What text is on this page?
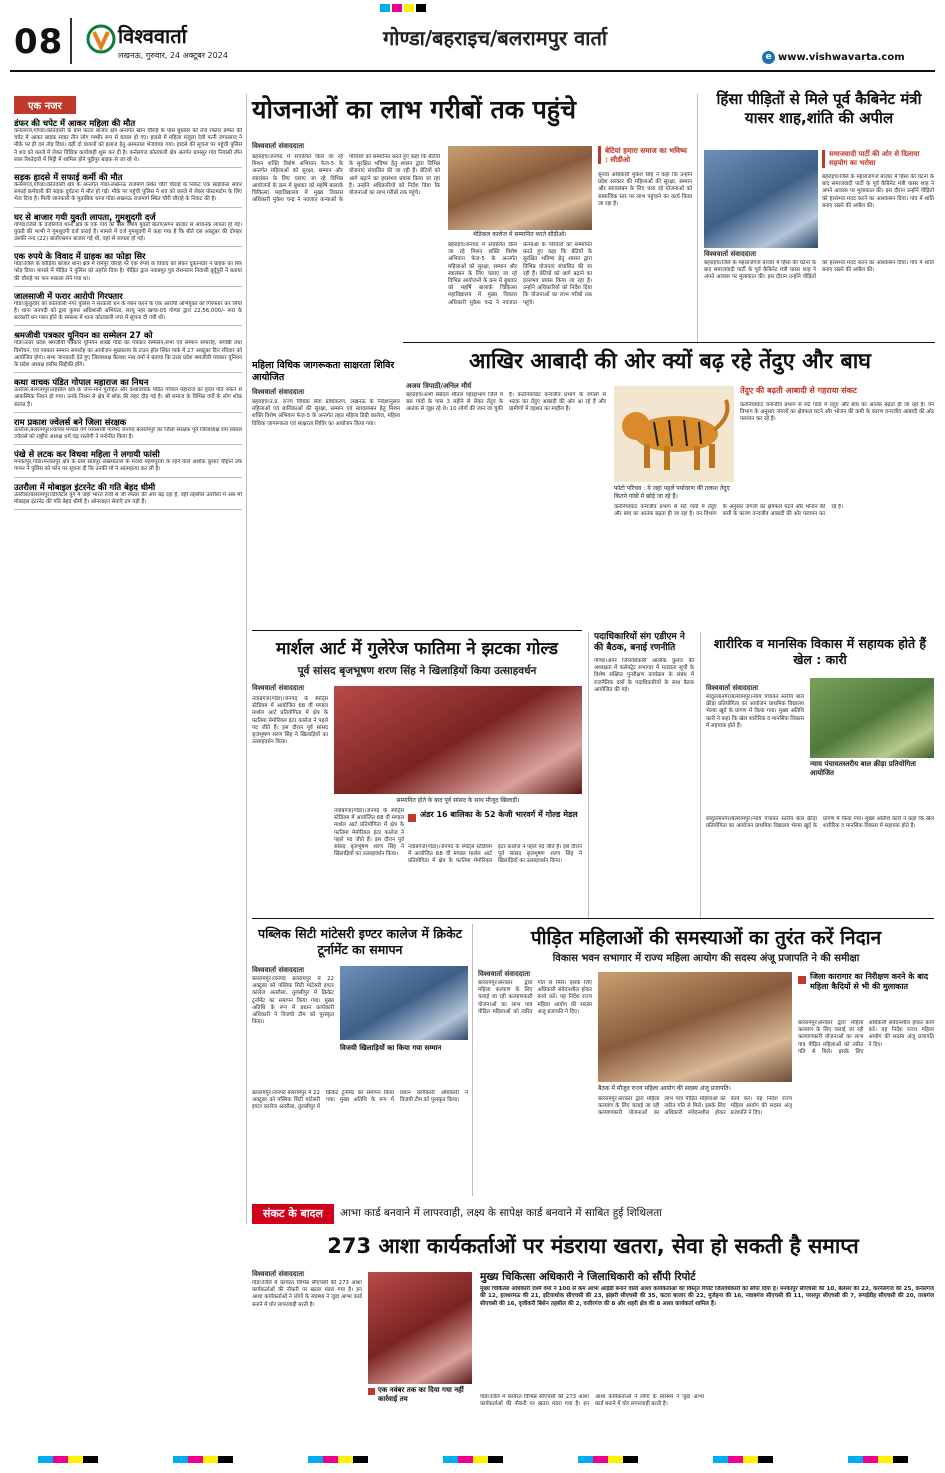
08	विश्ववार्ता
लखनऊ, गुरुवार, 24 अक्टूबर 2024
गोण्डा/बहराइच/बलरामपुर वार्ता
e www.vishwavarta.com
एक नजर
डंफर की चपेट में आकर महिला की मौत
कर्नलगंज,गोण्डा।कोतवाली के ग्राम कटरा बाजार क्षेत्र अन्तर्गत खान चौराहे के पास बुधवार को तेज रफ्तार डम्फर की चपेट में आकर बाइक सवार तीन लोग गम्भीर रूप से घायल हो गए। हादसे में महिला मंजुला देवी पत्नी जगप्रसाद ने मौके पर ही दम तोड़ दिया। वहीं दो घायलों को इलाज हेतु अस्पताल भेजवाया गया। हादसे की सूचना पर पहुंची पुलिस ने शव को कब्जे में लेकर विधिक कार्यवाही शुरू कर दी है। कर्नलगंज कोतवाली क्षेत्र अंतर्गत ग्रामसुर गांव निवासी लीन लाल रिश्तेदारी में मिट्टी में शामिल होने पुट्टीपुर बाइक से जा रहे थे।
सड़क हादसे में सफाई कर्मी की मौत
कर्नलगंज,गोण्डा।कोतवाली क्षेत्र के अन्तर्गत गोंडा-लखनऊ राजमार्ग स्थित चौरी चौराहे के निकट एक साइकिल सवार सफाई कर्मचारी की सड़क दुर्घटना में मौत हो गई। मौके पर पहुंची पुलिस ने शव को कब्जे में लेकर पोस्टमार्टम के लिए भेज दिया है। मिली जानकारी के मुताबिक थाना गोंडा-लखनऊ राजमार्ग स्थित चौरी चौराहे के निकट की है।
घर से बाजार गयी युवती लापता, गुमशुदगी दर्ज
गोण्डा।जिले के वजीरगंज थाना क्षेत्र के एक गांव की बीस वर्षीय युवती बातोंएसगन बाजार से अचानक लापता हो गई। युवती की भाभी ने गुमशुदगी दर्ज कराई है। मामले में दर्ज गुमशुदगी में कहा गया है कि बीते दस अक्टूबर की दोपहर उसकी नन्द (22) बातोंएसगन बाजार गई थी, वहां से लापता हो गई।
एक रुपये के विवाद में ग्राहक का फोड़ा सिर
गोंडा।जिले के कौड़िया बाजार थाना क्षेत्र में रामपुर चौराहे पर एक रुपये के विवाद को लेकर दुकानदार ने ग्राहक का सिर फोड़ दिया। मामले में पीड़ित ने पुलिस को तहरीर दिया है। पीड़ित द्वारा नवाबपुर पुत्र रोशनराम निवासी बुर्दूपुरी ने बताया की चौराहे पर पान मसाला लेने गया था।
जालसाजी में फरार आरोपी गिरफ्तार
गोंडा।कुकुवार को कोतवाली नगर पुलिस ने सरकारी धन के गबन करने के एक आरोपी अभियुक्त को गिरफ्तार कर लिया है। थाना जनपदी को द्वारा कुमार अधिशासी अभियंता, सरयू नहर खण्ड-05 गोण्डा द्वारा 22,56,000/- रू0 के सरकारी धन गबन होने के सम्बन्ध में थाना कोतवाली नगर में सूचना दी गयी थी।
श्रमजीवी पत्रकार यूनियन का सम्मेलन 27 को
गोंडा।उत्तर प्रदेश श्रमजीवी पत्रकार यूनियन शाखा गोंडा का पत्रकार सम्मेलन,सभा एवं सम्मान समारोह, संगोष्ठी तथा विमोचन, एवं पत्रकार सम्मान समारोह का आयोजन मुख्यालय के टाउन हॉल स्थित पार्क में 27 अक्टूबर दिन रविवार को आयोजित होगा। सभा जानकारी देते हुए जिलाध्यक्ष कैलाश नाथ वर्मा ने बताया कि उत्तर प्रदेश श्रमजीवी पत्रकार यूनियन के प्रदेश अध्यक्ष हसीब सिद्दीकी होंगे।
कथा वाचक पंडित गोपाल महाराज का निधन
उतरौला,बलरामपुर।तहसील क्षेत्र के जाने-माने पुरोहित और कथावाचक पंडित गोपाल महाराज का हृदय गति रुकने से आकस्मिक निधन हो गया। उनके निधन से क्षेत्र में शोक की लहर दौड़ गई है। श्री समाज के विभिन्न वर्गों के लोग शोक संतप्त हैं।
राम प्रकाश ज्वेलर्स बने जिला संरक्षक
उतरौला,बलरामपुर।व्यापार मण्डल वर्ग व्यवसायी परिषद जनपद बलरामपुर का जिला संरक्षक पूर्व जिलाध्यक्ष राम प्रकाश ज्वेलर्स को राष्ट्रीय अध्यक्ष धर्म चंद्र रस्तोगी ने मनोनीत किया है।
पंखे से लटक कर विधवा महिला ने लगायी फांसी
मनकापुर,गोंडा।मनकापुर क्षेत्र के ग्राम सांडपुर लखमाताल के मजरा महेशपुरवा के रहने वाले अशोक कुमार चौहान उर्फ पप्पन ने पुलिस को फोन पर सूचना दी कि उनकी माँ ने आत्महत्या कर ली है।
उतरौला में मोबाइल इंटरनेट की गति बेहद धीमी
उतरौला/बलरामपुर।डिजिटल युग में जहां भारत तेजी से जी रफ्तार की ओर बढ़ रहा है, वहीं तहसील उतरौला में अब भी मोबाइल इंटरनेट की गति बेहद धीमी है। ऑनलाइन सेवाएँ ठप पड़ी हैं।
योजनाओं का लाभ गरीबों तक पहुंचे
विश्ववार्ता संवाददाता
मेडिकल कालेज में सम्मानित करते सीडीओ।
बहराइच।जनपद में संचालित किये जा रहे मिशन शक्ति विशेष अभियान फेज-5 के अन्तर्गत महिलाओं को सुरक्षा, सम्मान और स्वालंबन के लिए चलाए जा रहे विभिन्न आयोजनों के क्रम में बुधवार को महर्षि बालार्क चिकित्सा महाविद्यालय में मुख्य विकास अधिकारी मुकेश चन्द्र ने नवजात कन्याओं के परिवारों को सम्मानित करते हुए कहा कि बेटियों के सुरक्षित भविष्य हेतु शासन द्वारा विभिन्न योजनाएं संचालित की जा रही हैं। बेटियों को आगे बढ़ाने का हरसंभव प्रयास किया जा रहा है। उन्होंने अधिकारियों को निर्देश दिया कि योजनाओं का लाभ गरीबों तक पहुंचे।
बहराइच।जनपद में संचालित किये जा रहे मिशन शक्ति विशेष अभियान फेज-5 के अन्तर्गत महिलाओं को सुरक्षा, सम्मान और स्वालंबन के लिए चलाए जा रहे विभिन्न आयोजनों के क्रम में बुधवार को महर्षि बालार्क चिकित्सा महाविद्यालय में मुख्य विकास अधिकारी मुकेश चन्द्र ने नवजात कन्याओं के परिवारों को सम्मानित करते हुए कहा कि बेटियों के सुरक्षित भविष्य हेतु शासन द्वारा विभिन्न योजनाएं संचालित की जा रही हैं। बेटियों को आगे बढ़ाने का हरसंभव प्रयास किया जा रहा है। उन्होंने अधिकारियों को निर्देश दिया कि योजनाओं का लाभ गरीबों तक पहुंचे।
बेटियां हमारा समाज का भविष्य : सीडीओ
सुनवा अधिकारी मुकेश सिंह ने कहा कि उन्होंने प्रदेश सरकार की महिलाओं की सुरक्षा, सम्मान और स्वावलंबन के लिए चला रहे योजनाओं को सामाजिक स्तर पर लाभ पहुंचाने का कार्य किया जा रहा है।
महिला विधिक जागरूकता साक्षरता शिविर आयोजित
विश्ववार्ता संवाददाता
बहराइच।उ.प्र. राज्य विधिक सेवा प्राधिकरण, लखनऊ के निर्देशानुसार महिलाओं एवं बालिकाओं की सुरक्षा, सम्मान एवं स्वावलम्बन हेतु मिशन शक्ति विशेष अभियान फेज-5 के अन्तर्गत तहत महिला डिग्री कालेज, महिला विधिक जागरूकता एवं साक्षरता शिविर का आयोजन किया गया।
हिंसा पीड़ितों से मिले पूर्व कैबिनेट मंत्री यासर शाह,शांति की अपील
विश्ववार्ता संवाददाता
समाजवादी पार्टी की ओर से दिलाया सहयोग का भरोसा
बहराइच।जिले के महाराजगंज बाजार में हिंसा की घटना के बाद समाजवादी पार्टी के पूर्व कैबिनेट मंत्री यासर शाह ने अपने आवास पर मुलाकात की। इस दौरान उन्होंने पीड़ितों को हरसंभव मदद करने का आश्वासन दिया। गांव में शांति बनाए रखने की अपील की।
बहराइच।जिले के महाराजगंज बाजार में हिंसा की घटना के बाद समाजवादी पार्टी के पूर्व कैबिनेट मंत्री यासर शाह ने अपने आवास पर मुलाकात की। इस दौरान उन्होंने पीड़ितों को हरसंभव मदद करने का आश्वासन दिया। गांव में शांति बनाए रखने की अपील की।
आखिर आबादी की ओर क्यों बढ़ रहे तेंदुए और बाघ
अजय त्रिपाठी/अनिल मौर्य
बहराइच।अभी संबेदल शीतल पहाड़ाभाग जिले में बस गांवों के पास 3 महीने से लेकर तेंदुए के आतंक से जूझ रहे थे। 10 लोगों की जान जा चुकी है। कतर्नियाघाट वन्यजीव प्रभाग के जंगलों से भटक कर तेंदुए आबादी की ओर आ रहे हैं और ग्रामीणों में दहशत का माहौल है।
फोटो परिचय : ये जहां पहले पर्यावरण की तलाश तेंदुए कितने गांवों में छोड़े जा रहे हैं।
तेंदुए की बढ़ती आबादी से गहराया संकट
कतर्नियाघाट वन्यजीव प्रभाग से सटे गांवों में तेंदुए और बाघ का आतंक बढ़ता ही जा रहा है। वन विभाग के अनुसार जंगलों का क्षेत्रफल घटने और भोजन की कमी के कारण वन्यजीव आबादी की ओर पलायन कर रहे हैं।
कतर्नियाघाट वन्यजीव प्रभाग से सटे गांवों में तेंदुए और बाघ का आतंक बढ़ता ही जा रहा है। वन विभाग के अनुसार जंगलों का क्षेत्रफल घटने और भोजन की कमी के कारण वन्यजीव आबादी की ओर पलायन कर रहे हैं।
मार्शल आर्ट में गुलेरेज फातिमा ने झटका गोल्ड
पूर्व सांसद बृजभूषण शरण सिंह ने खिलाड़ियों किया उत्साहवर्धन
विश्ववार्ता संवाददाता
नवाबगंज(गोंडा)।जनपद के स्पोर्ट्स स्टेडियम में आयोजित 68 वीं मण्डल मार्शल आर्ट प्रतियोगिता में क्षेत्र के फातिमा मेमोरियल इंटर कालेज ने पहले पद जीते हैं। इस दौरान पूर्व सांसद बृजभूषण शरण सिंह ने खिलाड़ियों का उत्साहवर्धन किया।
सम्मानित होते के बाद पूर्व सांसद के साथ मौजूद खिलाड़ी।
नवाबगंज(गोंडा)।जनपद के स्पोर्ट्स स्टेडियम में आयोजित 68 वीं मण्डल मार्शल आर्ट प्रतियोगिता में क्षेत्र के फातिमा मेमोरियल इंटर कालेज ने पहले पद जीते हैं। इस दौरान पूर्व सांसद बृजभूषण शरण सिंह ने खिलाड़ियों का उत्साहवर्धन किया।
अंडर 16 बालिका के 52 केजी भारवर्ग में गोल्ड मेडल
नवाबगंज(गोंडा)।जनपद के स्पोर्ट्स स्टेडियम में आयोजित 68 वीं मण्डल मार्शल आर्ट प्रतियोगिता में क्षेत्र के फातिमा मेमोरियल इंटर कालेज ने पहले पद जीते हैं। इस दौरान पूर्व सांसद बृजभूषण शरण सिंह ने खिलाड़ियों का उत्साहवर्धन किया।
पदाधिकारियों संग एडीएम ने की बैठक, बनाई रणनीति
गोण्डा।अपर जिलाधिकारी आलोक कुमार की अध्यक्षता में कलेक्ट्रेट सभागार में मतदाता सूची के विशेष संक्षिप्त पुनरीक्षण कार्यक्रम के संबंध में राजनैतिक दलों के पदाधिकारियों के साथ बैठक आयोजित की गई।
शारीरिक व मानसिक विकास में सहायक होते हैं खेल : कारी
विश्ववार्ता संवाददाता
सादुल्लानगर/बलरामपुर।न्याय पंचायत स्तरीय बाल क्रीड़ा प्रतियोगिता का आयोजन प्राथमिक विद्यालय भेल्या खुर्द के प्रांगण में किया गया। मुख्य अतिथि कारी ने कहा कि खेल शारीरिक व मानसिक विकास में सहायक होते हैं।
न्याय पंचायतस्तरीय बाल क्रीड़ा प्रतियोगिता आयोजित
सादुल्लानगर/बलरामपुर।न्याय पंचायत स्तरीय बाल क्रीड़ा प्रतियोगिता का आयोजन प्राथमिक विद्यालय भेल्या खुर्द के प्रांगण में किया गया। मुख्य अतिथि कारी ने कहा कि खेल शारीरिक व मानसिक विकास में सहायक होते हैं।
पब्लिक सिटी मांटेसरी इण्टर कालेज में क्रिकेट टूर्नामेंट का समापन
विश्ववार्ता संवाददाता
बलरामपुर।जनपद बलरामपुर में 22 अक्टूबर को पब्लिक सिटी मांटेसरी इण्टर कालेज अतरौला, तुलसीपुर में क्रिकेट टूर्नामेंट का समापन किया गया। मुख्य अतिथि के रूप में प्रधान कार्यकारी अधिकारी ने विजयी टीम को पुरस्कृत किया।
विजयी खिलाड़ियों का किया गया सम्मान
बलरामपुर।जनपद बलरामपुर में 22 अक्टूबर को पब्लिक सिटी मांटेसरी इण्टर कालेज अतरौला, तुलसीपुर में क्रिकेट टूर्नामेंट का समापन किया गया। मुख्य अतिथि के रूप में प्रधान कार्यकारी अधिकारी ने विजयी टीम को पुरस्कृत किया।
पीड़ित महिलाओं की समस्याओं का तुरंत करें निदान
विकास भवन सभागार में राज्य महिला आयोग की सदस्य अंजू प्रजापति ने की समीक्षा
विश्ववार्ता संवाददाता
बलरामपुर।सरकार द्वारा महिला कल्याण के लिए चलाई जा रही कल्याणकारी योजनाओं का लाभ पात्र पीड़ित महिलाओं को त्वरित गति से मिले। इसके लिए अधिकारी संवेदनशील होकर कार्य करें। यह निर्देश राज्य महिला आयोग की सदस्य अंजू प्रजापति ने दिए।
बैठक में मौजूद राज्य महिला आयोग की सदस्य अंजू प्रजापति।
जिला कारागार का निरीक्षण करने के बाद महिला कैदियों से भी की मुलाकात
बलरामपुर।सरकार द्वारा महिला कल्याण के लिए चलाई जा रही कल्याणकारी योजनाओं का लाभ पात्र पीड़ित महिलाओं को त्वरित गति से मिले। इसके लिए अधिकारी संवेदनशील होकर कार्य करें। यह निर्देश राज्य महिला आयोग की सदस्य अंजू प्रजापति ने दिए।
बलरामपुर।सरकार द्वारा महिला कल्याण के लिए चलाई जा रही कल्याणकारी योजनाओं का लाभ पात्र पीड़ित महिलाओं को त्वरित गति से मिले। इसके लिए अधिकारी संवेदनशील होकर कार्य करें। यह निर्देश राज्य महिला आयोग की सदस्य अंजू प्रजापति ने दिए।
संकट के बादल	आभा कार्ड बनवाने में लापरवाही, लक्ष्य के सापेक्ष कार्ड बनवाने में साबित हुई शिथिलता
273 आशा कार्यकर्ताओं पर मंडराया खतरा, सेवा हो सकती है समाप्त
विश्ववार्ता संवाददाता
गोंडा।जिले में कार्यरत विभिन्न सीएचसी की 273 आशा कार्यकर्ताओं की नौकरी पर खतरा मंडरा गया है। इन आशा कार्यकर्ताओं ने लोगों के स्वास्थ्य ने जुडा आभा कार्ड बनाने में घोर लापरवाही बरती है।
एक नवंबर तक का दिया गया नहीं कार्रवाई तय
मुख्य चिकित्सा अधिकारी ने जिलाधिकारी को सौंपी रिपोर्ट
मुख्य चिकित्सा अधिकारी रश्मि वर्मा ने 100 से कम आभा आईडी बनाने वाली आशा कार्यकर्ताओं की विस्तृत रिपोर्ट जिलाधिकारी को सौंपा दिया है। मनकापुर सीएचसी की 10, बेलसर की 22, करनैलगंज की 25, कर्नलगंज की 12, हलधरमऊ की 21, इटियाथोक सीएचसी की 23, झंझरी सीएचसी की 35, कटरा बाजार की 22, मुजेहना की 16, नवाबगंज सीएचसी की 11, परसपुर सीएचसी की 7, रूपईडीह सीएचसी की 20, तरबगंज सीएचसी की 16, वृजीकरी बिसेन तहसील की 2, वजीरगंज की 8 और शहरी क्षेत्र की 8 आशा कार्यकर्ता शामिल हैं।
गोंडा।जिले में कार्यरत विभिन्न सीएचसी की 273 आशा कार्यकर्ताओं की नौकरी पर खतरा मंडरा गया है। इन आशा कार्यकर्ताओं ने लोगों के स्वास्थ्य ने जुडा आभा कार्ड बनाने में घोर लापरवाही बरती है।
